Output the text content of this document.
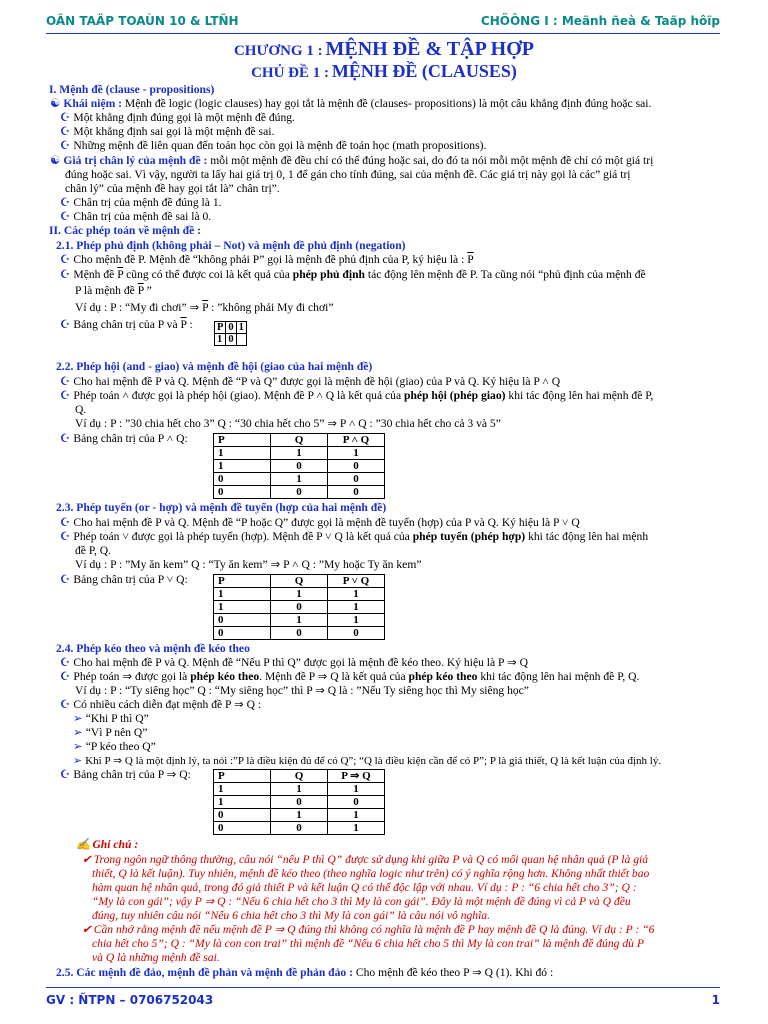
OÂN TAÄP TOAÙN 10 & LTÑH	CHÖÔNG I : Meänh ñeà & Taäp hôïp
CHƯƠNG 1 : MỆNH ĐỀ & TẬP HỢP
CHỦ ĐỀ 1 : MỆNH ĐỀ (CLAUSES)
I. Mệnh đề (clause - propositions)
☯ Khái niệm : Mệnh đề logic (logic clauses) hay gọi tắt là mệnh đề (clauses- propositions) là một câu khẳng định đúng hoặc sai.
☪ Một khẳng định đúng gọi là một mệnh đề đúng.
☪ Một khẳng định sai gọi là một mệnh đề sai.
☪ Những mệnh đề liên quan đến toán học còn gọi là mệnh đề toán học (math propositions).
☯ Giá trị chân lý của mệnh đề : mỗi một mệnh đề đều chỉ có thể đúng hoặc sai, do đó ta nói mỗi một mệnh đề chỉ có một giá trị
đúng hoặc sai. Vì vậy, người ta lấy hai giá trị 0, 1 để gán cho tính đúng, sai của mệnh đề. Các giá trị này gọi là các” giá trị
chân lý” của mệnh đề hay gọi tắt là” chân trị”.
☪ Chân trị của mệnh đề đúng là 1.
☪ Chân trị của mệnh đề sai là 0.
II. Các phép toán về mệnh đề :
2.1. Phép phủ định (không phải – Not) và mệnh đề phủ định (negation)
☪ Cho mệnh đề P. Mệnh đề “không phải P” gọi là mệnh đề phủ định của P, ký hiệu là : $\overline{P}$
☪ Mệnh đề $\overline{P}$ cũng có thể được coi là kết quả của phép phủ định tác động lên mệnh đề P. Ta cũng nói “phủ định của mệnh đề
P là mệnh đề $\overline{P}$ ”
Ví dụ : P : “My đi chơi” ⇒ $\overline{P}$ : ”không phải My đi chơi”
☪ Bảng chân trị của P và $\overline{P}$ : P	0	1
1	0	
2.2. Phép hội (and - giao) và mệnh đề hội (giao của hai mệnh đề)
☪ Cho hai mệnh đề P và Q. Mệnh đề “P và Q” được gọi là mệnh đề hội (giao) của P và Q. Ký hiệu là P ˄ Q
☪ Phép toán ˄ được gọi là phép hội (giao). Mệnh đề P ˄ Q là kết quả của phép hội (phép giao) khi tác động lên hai mệnh đề P,
Q.
Ví dụ : P : ”30 chia hết cho 3” Q : “30 chia hết cho 5” ⇒ P ˄ Q : ”30 chia hết cho cả 3 và 5”
☪ Bảng chân trị của P ˄ Q:	P	Q	P ˄ Q
1	1	1
1	0	0
0	1	0
0	0	0
2.3. Phép tuyển (or - hợp) và mệnh đề tuyển (hợp của hai mệnh đề)
☪ Cho hai mệnh đề P và Q. Mệnh đề “P hoặc Q” được gọi là mệnh đề tuyển (hợp) của P và Q. Ký hiệu là P ˅ Q
☪ Phép toán ˅ được gọi là phép tuyển (hợp). Mệnh đề P ˅ Q là kết quả của phép tuyển (phép hợp) khi tác động lên hai mệnh
đề P, Q.
Ví dụ : P : ”My ăn kem” Q : “Ty ăn kem” ⇒ P ˄ Q : ”My hoặc Ty ăn kem”
☪ Bảng chân trị của P ˅ Q:	P	Q	P ˅ Q
1	1	1
1	0	1
0	1	1
0	0	0
2.4. Phép kéo theo và mệnh đề kéo theo
☪ Cho hai mệnh đề P và Q. Mệnh đề “Nếu P thì Q” được gọi là mệnh đề kéo theo. Ký hiệu là P ⇒ Q
☪ Phép toán ⇒ được gọi là phép kéo theo. Mệnh đề P ⇒ Q là kết quả của phép kéo theo khi tác động lên hai mệnh đề P, Q.
Ví dụ : P : “Ty siêng học” Q : “My siêng học” thì P ⇒ Q là : ”Nếu Ty siêng học thì My siêng học”
☪ Có nhiều cách diễn đạt mệnh đề P ⇒ Q :
➢ “Khi P thì Q”
➢ “Vì P nên Q”
➢ “P kéo theo Q”
➢ Khi P ⇒ Q là một định lý, ta nói :”P là điều kiện đủ để có Q”; “Q là điều kiện cần để có P”; P là giả thiết, Q là kết luận của định lý.
☪ Bảng chân trị của P ⇒ Q: P	Q	P ⇒ Q
1	1	1
1	0	0
0	1	1
0	0	1
✍ Ghi chú :
✔ Trong ngôn ngữ thông thường, câu nói “nếu P thì Q” được sử dụng khi giữa P và Q có mối quan hệ nhân quả (P là giả
thiết, Q là kết luận). Tuy nhiên, mệnh đề kéo theo (theo nghĩa logic như trên) có ý nghĩa rộng hơn. Không nhất thiết bao
hàm quan hệ nhân quả, trong đó giả thiết P và kết luận Q có thể độc lập với nhau. Ví dụ : P : “6 chia hết cho 3”; Q :
“My là con gái”; vậy P ⇒ Q : “Nếu 6 chia hết cho 3 thì My là con gái”. Đây là một mệnh đề đúng vì cả P và Q đều
đúng, tuy nhiên câu nói “Nếu 6 chia hết cho 3 thì My là con gái” là câu nói vô nghĩa.
✔ Cần nhớ rằng mệnh đề nếu mệnh đề P ⇒ Q đúng thì không có nghĩa là mệnh đề P hay mệnh đề Q là đúng. Ví dụ : P : “6
chia hết cho 5”; Q : “My là con con trai” thì mệnh đề “Nếu 6 chia hết cho 5 thì My là con trai” là mệnh đề đúng dù P
và Q là những mệnh đề sai.
2.5. Các mệnh đề đảo, mệnh đề phản và mệnh đề phản đảo : Cho mệnh đề kéo theo P ⇒ Q (1). Khi đó :
GV : ÑTPN – 0706752043	1
